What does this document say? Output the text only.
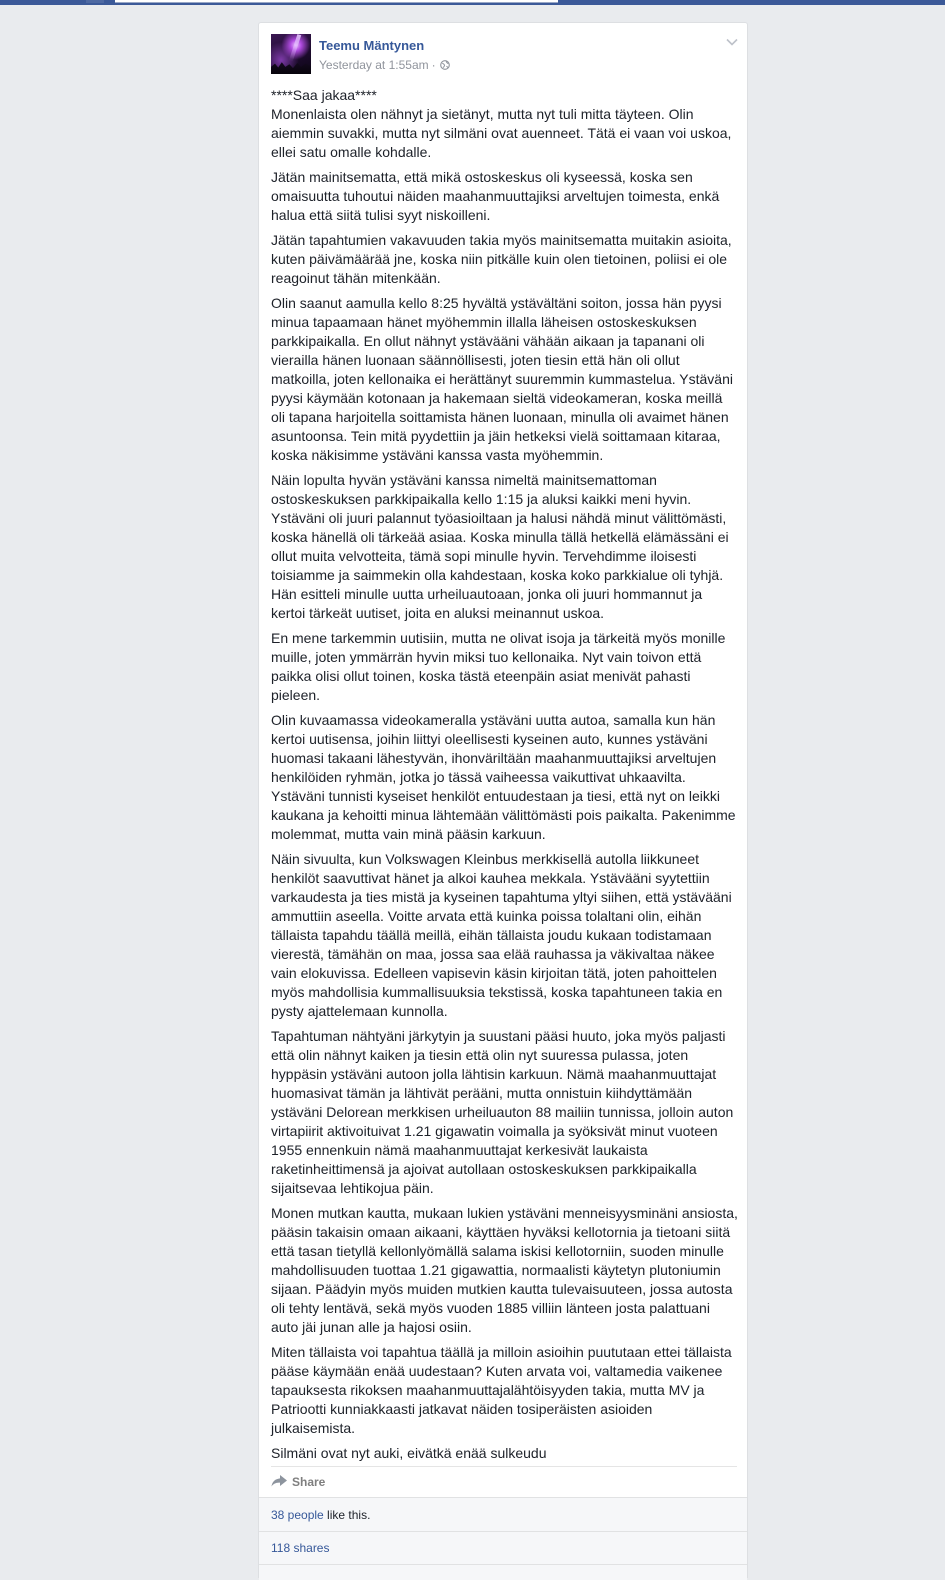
Teemu Mäntynen
Yesterday at 1:55am ·

****Saa jakaa****
Monenlaista olen nähnyt ja sietänyt, mutta nyt tuli mitta täyteen. Olin aiemmin suvakki, mutta nyt silmäni ovat auenneet. Tätä ei vaan voi uskoa, ellei satu omalle kohdalle.

Jätän mainitsematta, että mikä ostoskeskus oli kyseessä, koska sen omaisuutta tuhoutui näiden maahanmuuttajiksi arveltujen toimesta, enkä halua että siitä tulisi syyt niskoilleni.

Jätän tapahtumien vakavuuden takia myös mainitsematta muitakin asioita, kuten päivämäärää jne, koska niin pitkälle kuin olen tietoinen, poliisi ei ole reagoinut tähän mitenkään.

Olin saanut aamulla kello 8:25 hyvältä ystävältäni soiton, jossa hän pyysi minua tapaamaan hänet myöhemmin illalla läheisen ostoskeskuksen parkkipaikalla. En ollut nähnyt ystävääni vähään aikaan ja tapanani oli vierailla hänen luonaan säännöllisesti, joten tiesin että hän oli ollut matkoilla, joten kellonaika ei herättänyt suuremmin kummastelua. Ystäväni pyysi käymään kotonaan ja hakemaan sieltä videokameran, koska meillä oli tapana harjoitella soittamista hänen luonaan, minulla oli avaimet hänen asuntoonsa. Tein mitä pyydettiin ja jäin hetkeksi vielä soittamaan kitaraa, koska näkisimme ystäväni kanssa vasta myöhemmin.

Näin lopulta hyvän ystäväni kanssa nimeltä mainitsemattoman ostoskeskuksen parkkipaikalla kello 1:15 ja aluksi kaikki meni hyvin. Ystäväni oli juuri palannut työasioiltaan ja halusi nähdä minut välittömästi, koska hänellä oli tärkeää asiaa. Koska minulla tällä hetkellä elämässäni ei ollut muita velvotteita, tämä sopi minulle hyvin. Tervehdimme iloisesti toisiamme ja saimmekin olla kahdestaan, koska koko parkkialue oli tyhjä. Hän esitteli minulle uutta urheiluautoaan, jonka oli juuri hommannut ja kertoi tärkeät uutiset, joita en aluksi meinannut uskoa.

En mene tarkemmin uutisiin, mutta ne olivat isoja ja tärkeitä myös monille muille, joten ymmärrän hyvin miksi tuo kellonaika. Nyt vain toivon että paikka olisi ollut toinen, koska tästä eteenpäin asiat menivät pahasti pieleen.

Olin kuvaamassa videokameralla ystäväni uutta autoa, samalla kun hän kertoi uutisensa, joihin liittyi oleellisesti kyseinen auto, kunnes ystäväni huomasi takaani lähestyvän, ihonväriltään maahanmuuttajiksi arveltujen henkilöiden ryhmän, jotka jo tässä vaiheessa vaikuttivat uhkaavilta. Ystäväni tunnisti kyseiset henkilöt entuudestaan ja tiesi, että nyt on leikki kaukana ja kehoitti minua lähtemään välittömästi pois paikalta. Pakenimme molemmat, mutta vain minä pääsin karkuun.

Näin sivuulta, kun Volkswagen Kleinbus merkkisellä autolla liikkuneet henkilöt saavuttivat hänet ja alkoi kauhea mekkala. Ystävääni syytettiin varkaudesta ja ties mistä ja kyseinen tapahtuma yltyi siihen, että ystävääni ammuttiin aseella. Voitte arvata että kuinka poissa tolaltani olin, eihän tällaista tapahdu täällä meillä, eihän tällaista joudu kukaan todistamaan vierestä, tämähän on maa, jossa saa elää rauhassa ja väkivaltaa näkee vain elokuvissa. Edelleen vapisevin käsin kirjoitan tätä, joten pahoittelen myös mahdollisia kummallisuuksia tekstissä, koska tapahtuneen takia en pysty ajattelemaan kunnolla.

Tapahtuman nähtyäni järkytyin ja suustani pääsi huuto, joka myös paljasti että olin nähnyt kaiken ja tiesin että olin nyt suuressa pulassa, joten hyppäsin ystäväni autoon jolla lähtisin karkuun. Nämä maahanmuuttajat huomasivat tämän ja lähtivät perääni, mutta onnistuin kiihdyttämään ystäväni Delorean merkkisen urheiluauton 88 mailiin tunnissa, jolloin auton virtapiirit aktivoituivat 1.21 gigawatin voimalla ja syöksivät minut vuoteen 1955 ennenkuin nämä maahanmuuttajat kerkesivät laukaista raketinheittimensä ja ajoivat autollaan ostoskeskuksen parkkipaikalla sijaitsevaa lehtikojua päin.

Monen mutkan kautta, mukaan lukien ystäväni menneisyysminäni ansiosta, pääsin takaisin omaan aikaani, käyttäen hyväksi kellotornia ja tietoani siitä että tasan tietyllä kellonlyömällä salama iskisi kellotorniin, suoden minulle mahdollisuuden tuottaa 1.21 gigawattia, normaalisti käytetyn plutoniumin sijaan. Päädyin myös muiden mutkien kautta tulevaisuuteen, jossa autosta oli tehty lentävä, sekä myös vuoden 1885 villiin länteen josta palattuani auto jäi junan alle ja hajosi osiin.

Miten tällaista voi tapahtua täällä ja milloin asioihin puututaan ettei tällaista pääse käymään enää uudestaan? Kuten arvata voi, valtamedia vaikenee tapauksesta rikoksen maahanmuuttajalähtöisyyden takia, mutta MV ja Patriootti kunniakkaasti jatkavat näiden tosiperäisten asioiden julkaisemista.

Silmäni ovat nyt auki, eivätkä enää sulkeudu

Share
38 people like this.
118 shares
